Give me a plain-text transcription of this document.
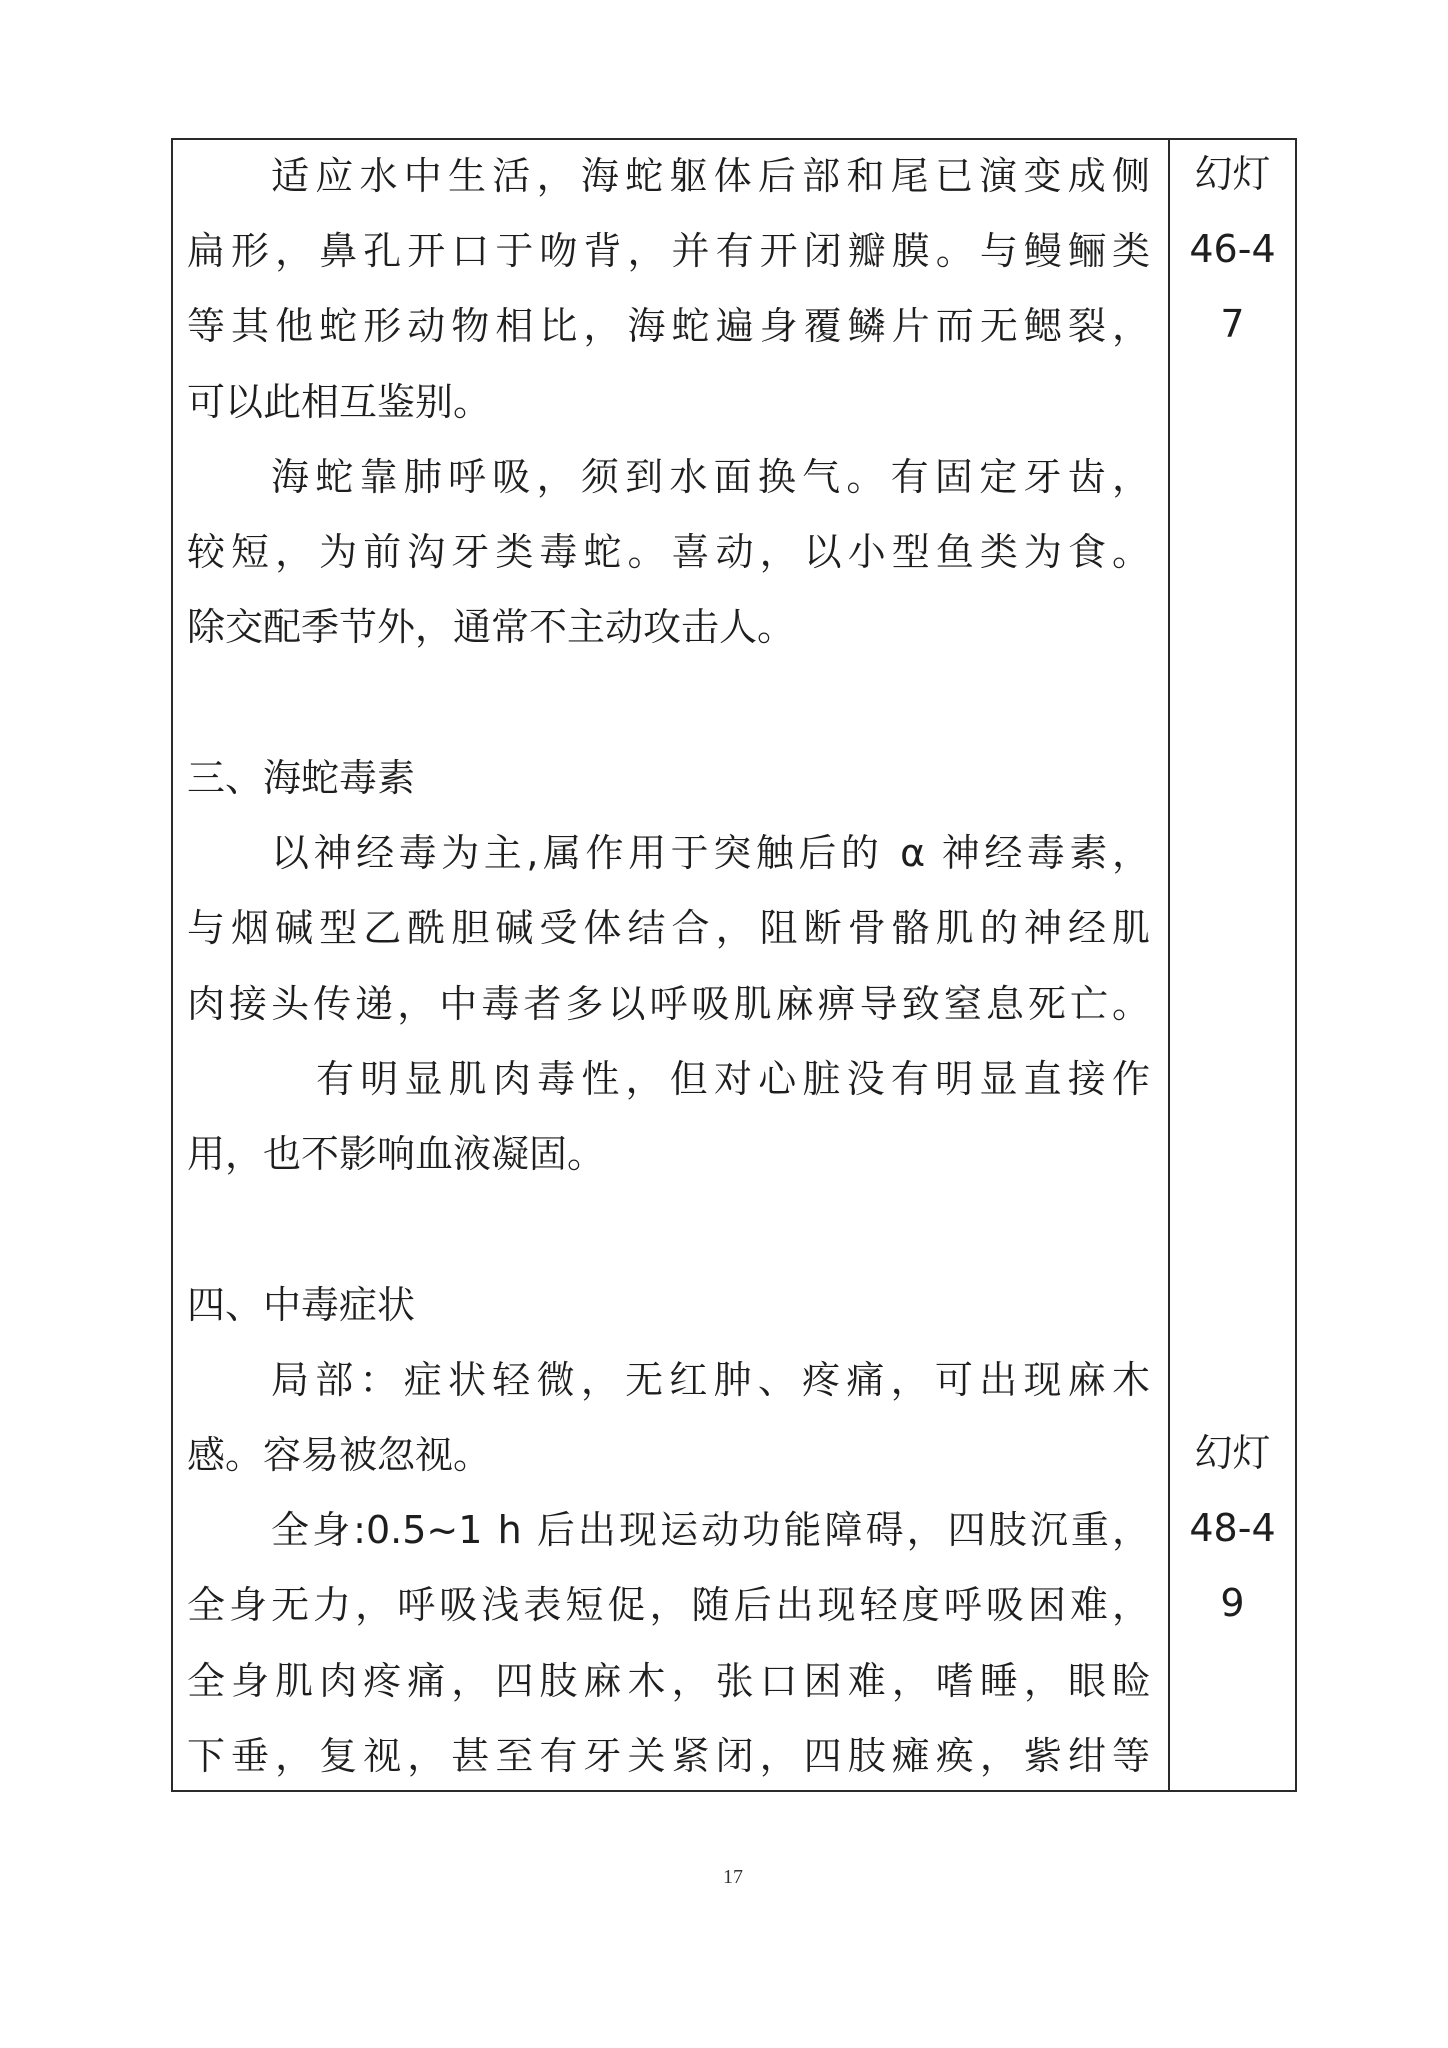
适应水中生活，海蛇躯体后部和尾已演变成侧
扁形，鼻孔开口于吻背，并有开闭瓣膜。与鳗鲡类
等其他蛇形动物相比，海蛇遍身覆鳞片而无鳃裂，
可以此相互鉴别。
海蛇靠肺呼吸，须到水面换气。有固定牙齿，
较短，为前沟牙类毒蛇。喜动，以小型鱼类为食。
除交配季节外，通常不主动攻击人。
三、海蛇毒素
以神经毒为主,属作用于突触后的 α 神经毒素，
与烟碱型乙酰胆碱受体结合，阻断骨骼肌的神经肌
肉接头传递，中毒者多以呼吸肌麻痹导致窒息死亡。
有明显肌肉毒性，但对心脏没有明显直接作
用，也不影响血液凝固。
四、中毒症状
局部：症状轻微，无红肿、疼痛，可出现麻木
感。容易被忽视。
全身:0.5~1 h 后出现运动功能障碍，四肢沉重，
全身无力，呼吸浅表短促，随后出现轻度呼吸困难，
全身肌肉疼痛，四肢麻木，张口困难，嗜睡，眼睑
下垂，复视，甚至有牙关紧闭，四肢瘫痪，紫绀等
幻灯
46-4
7
幻灯
48-4
9
17
